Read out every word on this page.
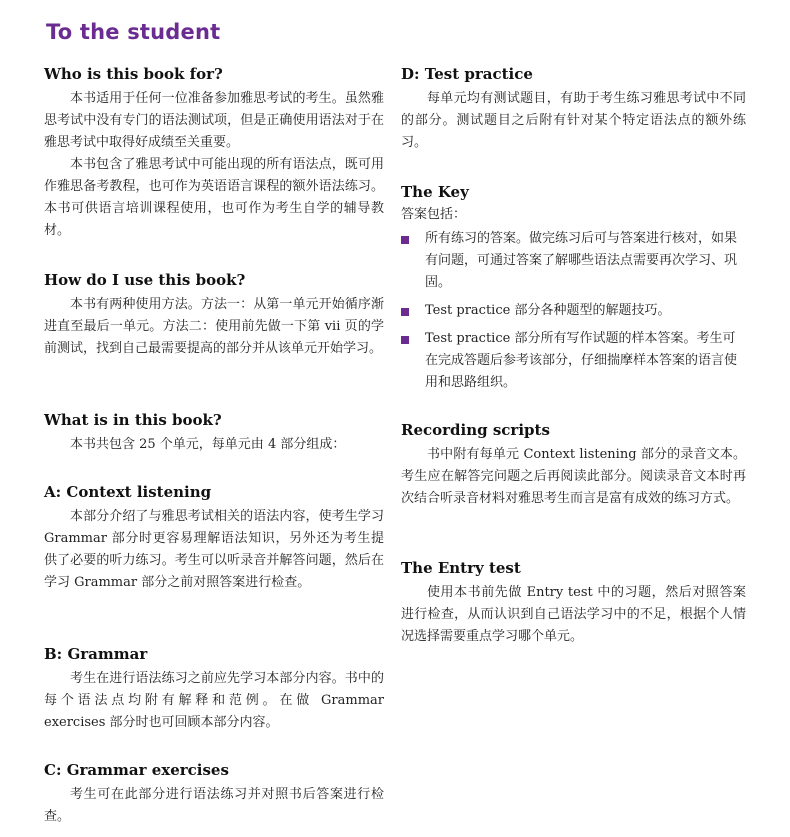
To the student
Who is this book for?

本书适用于任何一位准备参加雅思考试的考生。虽然雅思考试中没有专门的语法测试项，但是正确使用语法对于在雅思考试中取得好成绩至关重要。

本书包含了雅思考试中可能出现的所有语法点，既可用作雅思备考教程，也可作为英语语言课程的额外语法练习。本书可供语言培训课程使用，也可作为考生自学的辅导教材。

How do I use this book?

本书有两种使用方法。方法一：从第一单元开始循序渐进直至最后一单元。方法二：使用前先做一下第 vii 页的学前测试，找到自己最需要提高的部分并从该单元开始学习。

What is in this book?

本书共包含 25 个单元，每单元由 4 部分组成：

A: Context listening

本部分介绍了与雅思考试相关的语法内容，使考生学习 Grammar 部分时更容易理解语法知识，另外还为考生提供了必要的听力练习。考生可以听录音并解答问题，然后在学习 Grammar 部分之前对照答案进行检查。

B: Grammar

考生在进行语法练习之前应先学习本部分内容。书中的每个语法点均附有解释和范例。在做 Grammar exercises 部分时也可回顾本部分内容。

C: Grammar exercises

考生可在此部分进行语法练习并对照书后答案进行检查。

D: Test practice

每单元均有测试题目，有助于考生练习雅思考试中不同的部分。测试题目之后附有针对某个特定语法点的额外练习。

The Key

答案包括：

所有练习的答案。做完练习后可与答案进行核对，如果有问题，可通过答案了解哪些语法点需要再次学习、巩固。
Test practice 部分各种题型的解题技巧。
Test practice 部分所有写作试题的样本答案。考生可在完成答题后参考该部分，仔细揣摩样本答案的语言使用和思路组织。
Recording scripts

书中附有每单元 Context listening 部分的录音文本。考生应在解答完问题之后再阅读此部分。阅读录音文本时再次结合听录音材料对雅思考生而言是富有成效的练习方式。

The Entry test

使用本书前先做 Entry test 中的习题，然后对照答案进行检查，从而认识到自己语法学习中的不足，根据个人情况选择需要重点学习哪个单元。
